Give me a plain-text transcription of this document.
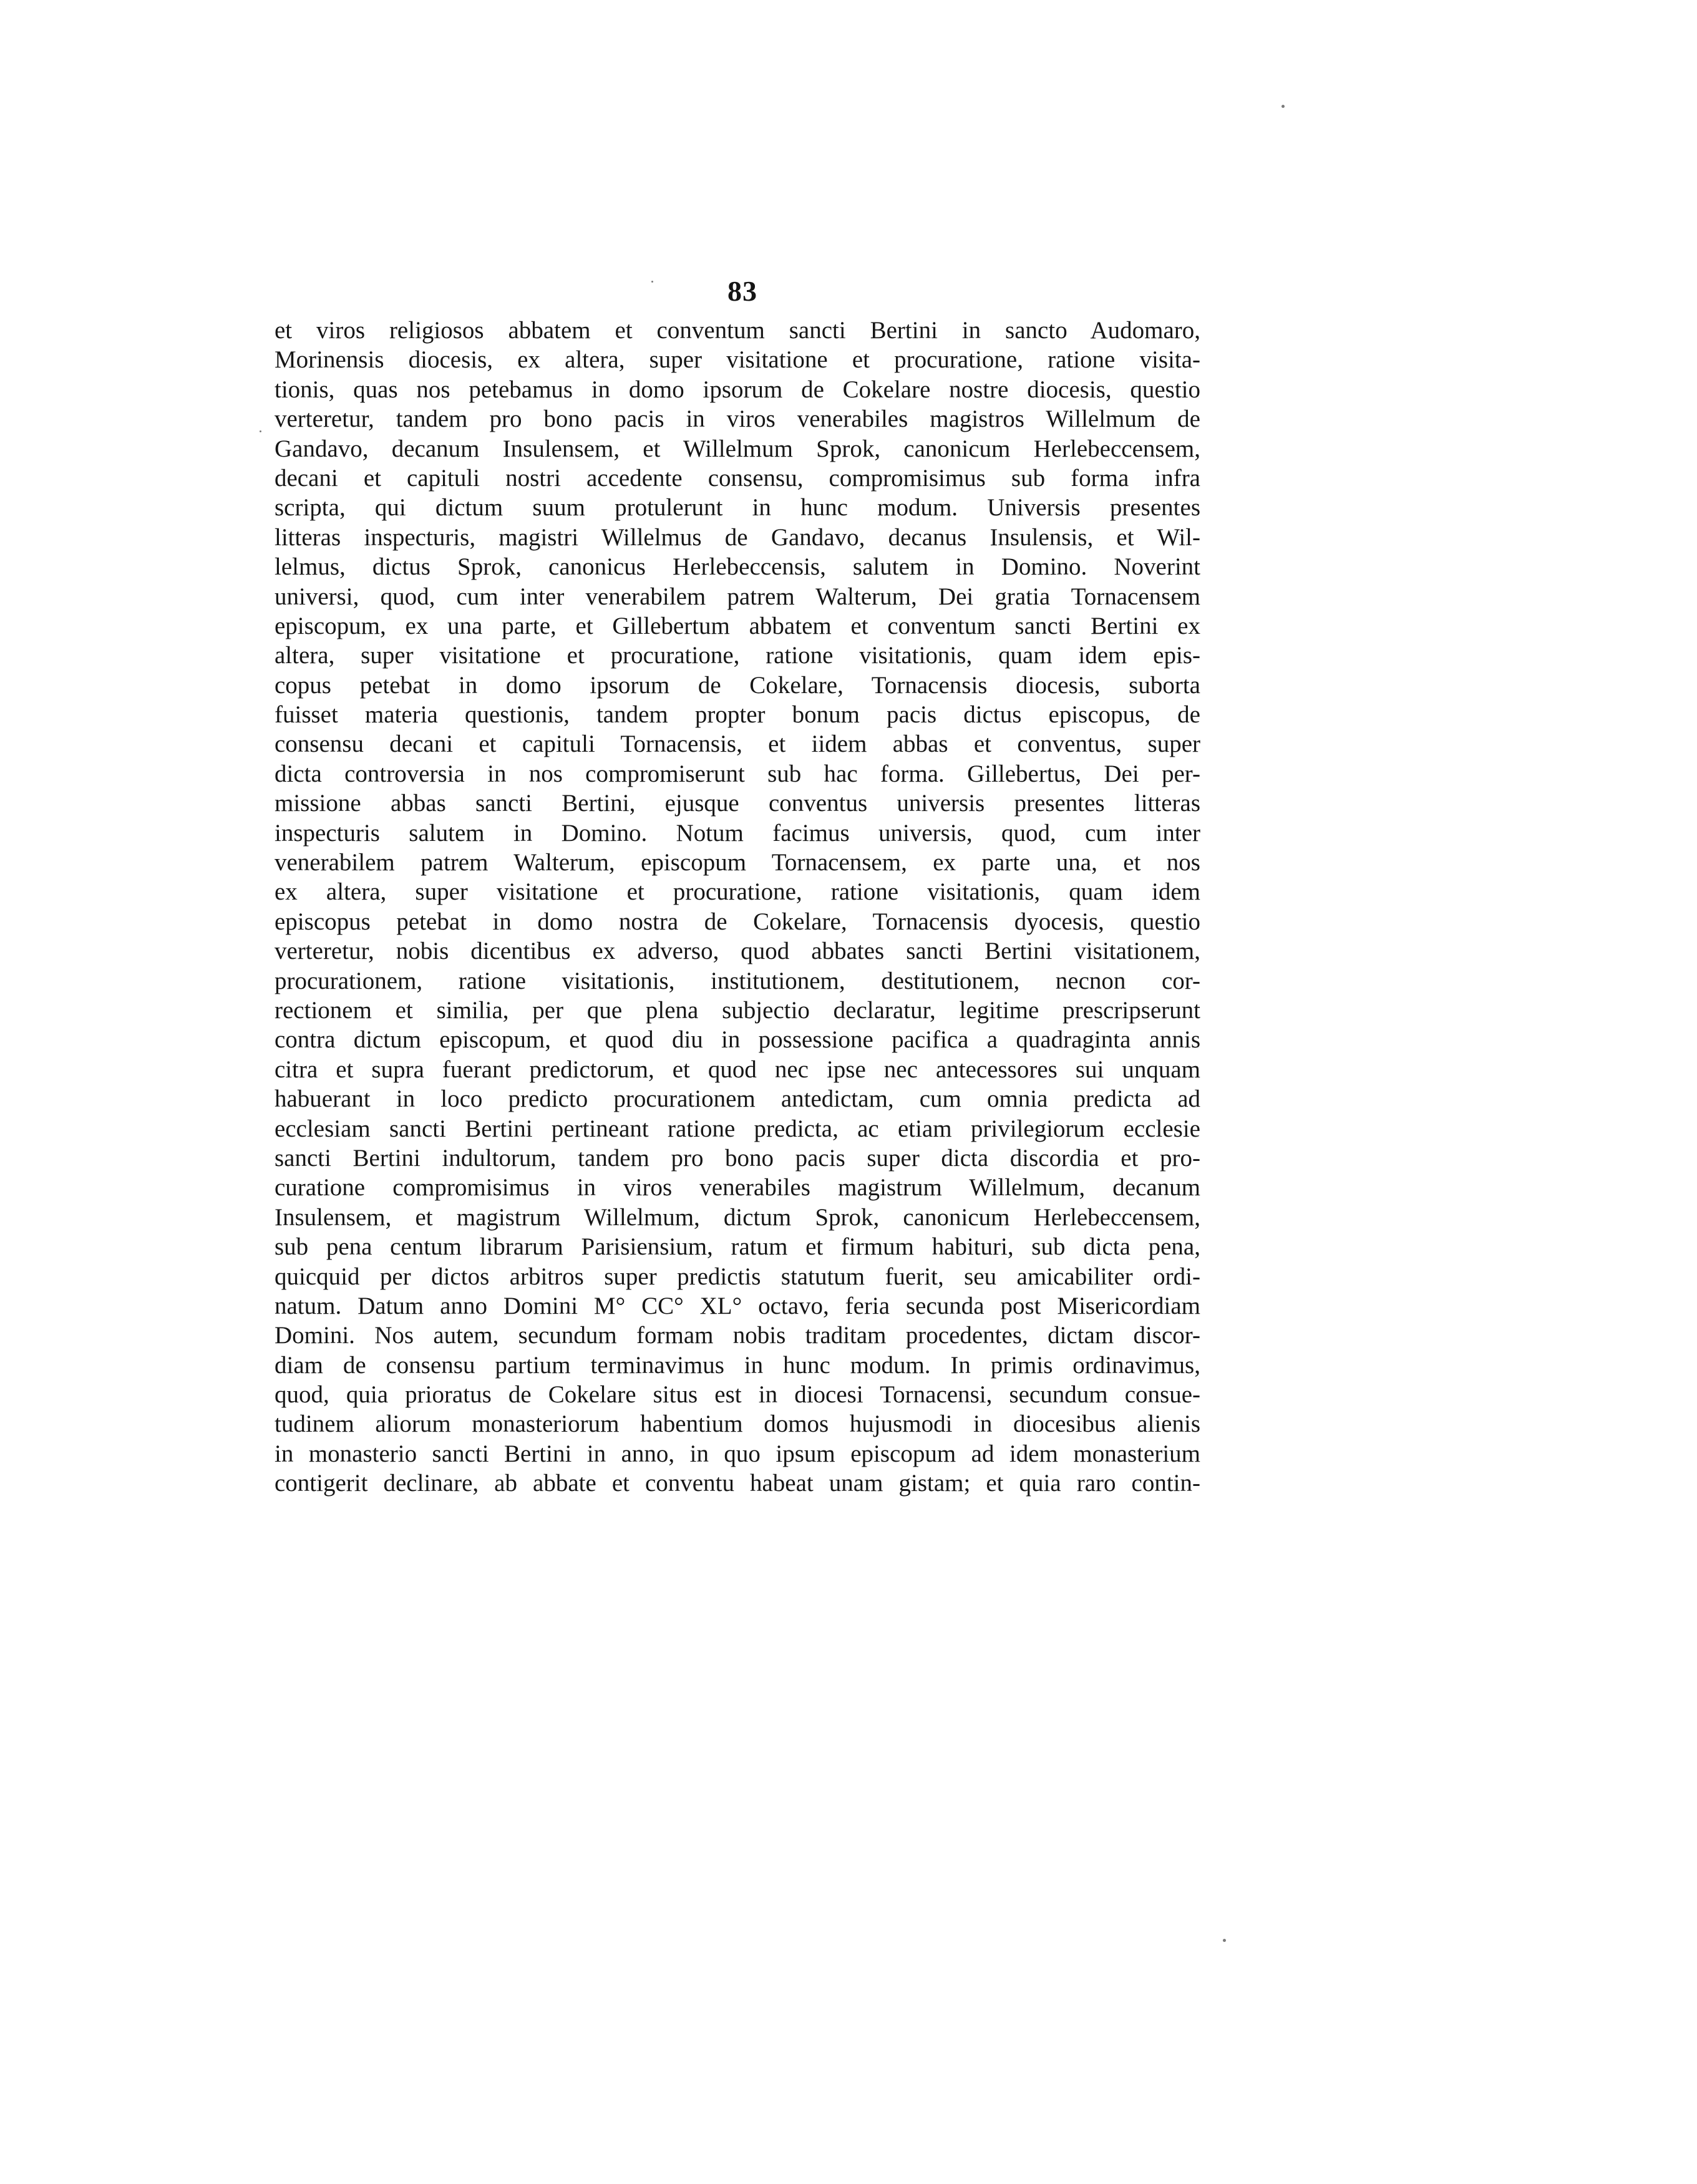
83
et viros religiosos abbatem et conventum sancti Bertini in sancto Audomaro,
Morinensis diocesis, ex altera, super visitatione et procuratione, ratione visita-
tionis, quas nos petebamus in domo ipsorum de Cokelare nostre diocesis, questio
verteretur, tandem pro bono pacis in viros venerabiles magistros Willelmum de
Gandavo, decanum Insulensem, et Willelmum Sprok, canonicum Herlebeccensem,
decani et capituli nostri accedente consensu, compromisimus sub forma infra
scripta, qui dictum suum protulerunt in hunc modum. Universis presentes
litteras inspecturis, magistri Willelmus de Gandavo, decanus Insulensis, et Wil-
lelmus, dictus Sprok, canonicus Herlebeccensis, salutem in Domino. Noverint
universi, quod, cum inter venerabilem patrem Walterum, Dei gratia Tornacensem
episcopum, ex una parte, et Gillebertum abbatem et conventum sancti Bertini ex
altera, super visitatione et procuratione, ratione visitationis, quam idem epis-
copus petebat in domo ipsorum de Cokelare, Tornacensis diocesis, suborta
fuisset materia questionis, tandem propter bonum pacis dictus episcopus, de
consensu decani et capituli Tornacensis, et iidem abbas et conventus, super
dicta controversia in nos compromiserunt sub hac forma. Gillebertus, Dei per-
missione abbas sancti Bertini, ejusque conventus universis presentes litteras
inspecturis salutem in Domino. Notum facimus universis, quod, cum inter
venerabilem patrem Walterum, episcopum Tornacensem, ex parte una, et nos
ex altera, super visitatione et procuratione, ratione visitationis, quam idem
episcopus petebat in domo nostra de Cokelare, Tornacensis dyocesis, questio
verteretur, nobis dicentibus ex adverso, quod abbates sancti Bertini visitationem,
procurationem, ratione visitationis, institutionem, destitutionem, necnon cor-
rectionem et similia, per que plena subjectio declaratur, legitime prescripserunt
contra dictum episcopum, et quod diu in possessione pacifica a quadraginta annis
citra et supra fuerant predictorum, et quod nec ipse nec antecessores sui unquam
habuerant in loco predicto procurationem antedictam, cum omnia predicta ad
ecclesiam sancti Bertini pertineant ratione predicta, ac etiam privilegiorum ecclesie
sancti Bertini indultorum, tandem pro bono pacis super dicta discordia et pro-
curatione compromisimus in viros venerabiles magistrum Willelmum, decanum
Insulensem, et magistrum Willelmum, dictum Sprok, canonicum Herlebeccensem,
sub pena centum librarum Parisiensium, ratum et firmum habituri, sub dicta pena,
quicquid per dictos arbitros super predictis statutum fuerit, seu amicabiliter ordi-
natum. Datum anno Domini M° CC° XL° octavo, feria secunda post Misericordiam
Domini. Nos autem, secundum formam nobis traditam procedentes, dictam discor-
diam de consensu partium terminavimus in hunc modum. In primis ordinavimus,
quod, quia prioratus de Cokelare situs est in diocesi Tornacensi, secundum consue-
tudinem aliorum monasteriorum habentium domos hujusmodi in diocesibus alienis
in monasterio sancti Bertini in anno, in quo ipsum episcopum ad idem monasterium
contigerit declinare, ab abbate et conventu habeat unam gistam; et quia raro contin-
